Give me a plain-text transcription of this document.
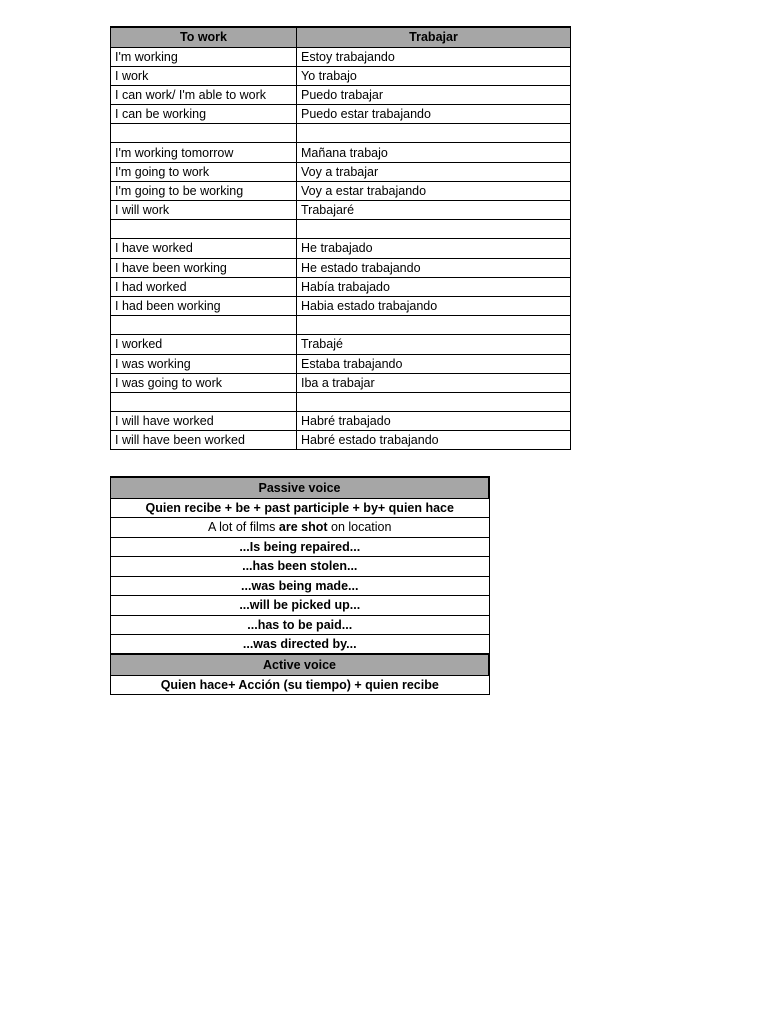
To work	Trabajar
I'm working	Estoy trabajando
I work	Yo trabajo
I can work/ I'm able to work	Puedo trabajar
I can be working	Puedo estar trabajando

I'm working tomorrow	Mañana trabajo
I'm going to work	Voy a trabajar
I'm going to be working	Voy a estar trabajando
I will work	Trabajaré

I have worked	He trabajado
I have been working	He estado trabajando
I had worked	Había trabajado
I had been working	Habia estado trabajando

I worked	Trabajé
I was working	Estaba trabajando
I was going to work	Iba a trabajar

I will have worked	Habré trabajado
I will have been worked	Habré estado trabajando
Passive voice
Quien recibe + be + past participle + by+ quien hace
A lot of films are shot on location
...Is being repaired...
...has been stolen...
...was being made...
...will be picked up...
...has to be paid...
...was directed by...
Active voice
Quien hace+ Acción (su tiempo) + quien recibe
